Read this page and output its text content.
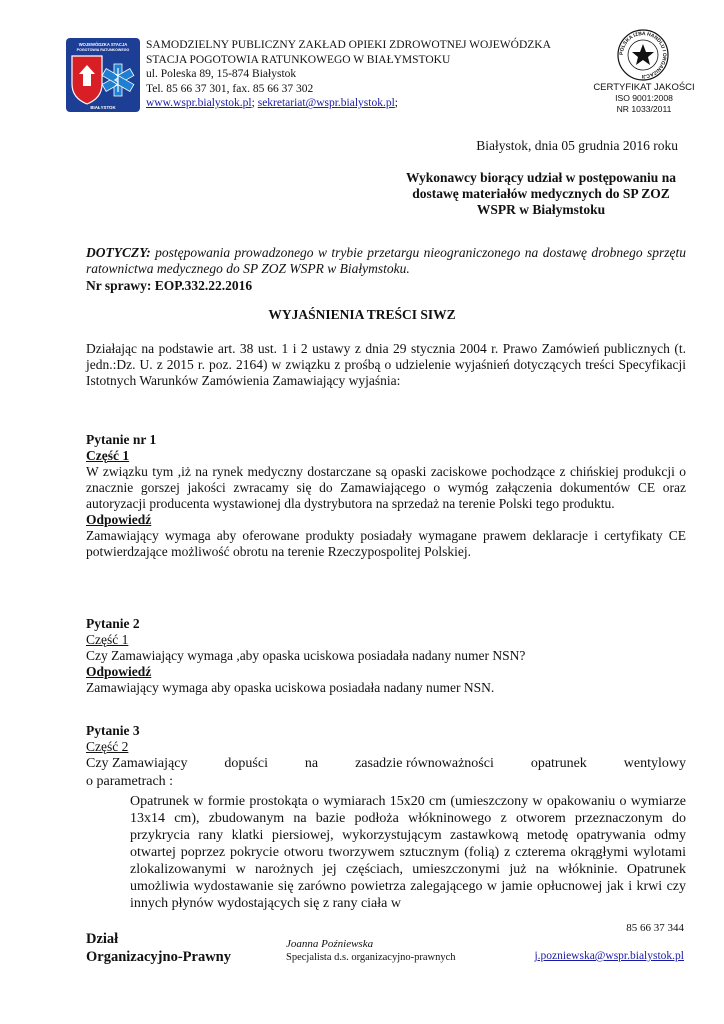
WOJEWÓDZKA STACJA
POGOTOWIA RATUNKOWEGO
BIAŁYSTOK
SAMODZIELNY PUBLICZNY ZAKŁAD OPIEKI ZDROWOTNEJ WOJEWÓDZKA
STACJA POGOTOWIA RATUNKOWEGO W BIAŁYMSTOKU
ul. Poleska 89, 15-874 Białystok
Tel. 85 66 37 301, fax. 85 66 37 302
www.wspr.bialystok.pl; sekretariat@wspr.bialystok.pl;
POLSKA IZBA HANDLU I ORGANIZACJI
CERTYFIKAT JAKOŚCI
ISO 9001:2008
NR 1033/2011
Białystok, dnia 05 grudnia 2016 roku
Wykonawcy biorący udział w postępowaniu na
dostawę materiałów medycznych do SP ZOZ
WSPR w Białymstoku
DOTYCZY: postępowania prowadzonego w trybie przetargu nieograniczonego na dostawę drobnego sprzętu ratownictwa medycznego do SP ZOZ WSPR w Białymstoku.
Nr sprawy: EOP.332.22.2016
WYJAŚNIENIA TREŚCI SIWZ
Działając na podstawie art. 38 ust. 1 i 2 ustawy z dnia 29 stycznia 2004 r. Prawo Zamówień publicznych (t. jedn.:Dz. U. z 2015 r. poz. 2164) w związku z prośbą o udzielenie wyjaśnień dotyczących treści Specyfikacji Istotnych Warunków Zamówienia Zamawiający wyjaśnia:
Pytanie nr 1
Część 1
W związku tym ,iż na rynek medyczny dostarczane są opaski zaciskowe pochodzące z chińskiej produkcji o znacznie gorszej jakości zwracamy się do Zamawiającego o wymóg załączenia dokumentów CE oraz autoryzacji producenta wystawionej dla dystrybutora na sprzedaż na terenie Polski tego produktu.
Odpowiedź
Zamawiający wymaga aby oferowane produkty posiadały wymagane prawem deklaracje i certyfikaty CE potwierdzające możliwość obrotu na terenie Rzeczypospolitej Polskiej.
Pytanie 2
Część 1
Czy Zamawiający wymaga ,aby opaska uciskowa posiadała nadany numer NSN?
Odpowiedź
Zamawiający wymaga aby opaska uciskowa posiadała nadany numer NSN.
Pytanie 3
Część 2
Czy Zamawiający	dopuści	na	zasadzie równoważności	opatrunek	wentylowy
o parametrach :
Opatrunek w formie prostokąta o wymiarach 15x20 cm (umieszczony w opakowaniu o wymiarze 13x14 cm), zbudowanym na bazie podłoża włókninowego z otworem przeznaczonym do przykrycia rany klatki piersiowej, wykorzystującym zastawkową metodę opatrywania odmy otwartej poprzez pokrycie otworu tworzywem sztucznym (folią) z czterema okrągłymi wylotami zlokalizowanymi w narożnych jej częściach, umieszczonymi już na włókninie. Opatrunek umożliwia wydostawanie się zarówno powietrza zalegającego w jamie opłucnowej jak i krwi czy innych płynów wydostających się z rany ciała w
Dział
Organizacyjno-Prawny
Joanna Poźniewska
Specjalista d.s. organizacyjno-prawnych
85 66 37 344
j.pozniewska@wspr.bialystok.pl
